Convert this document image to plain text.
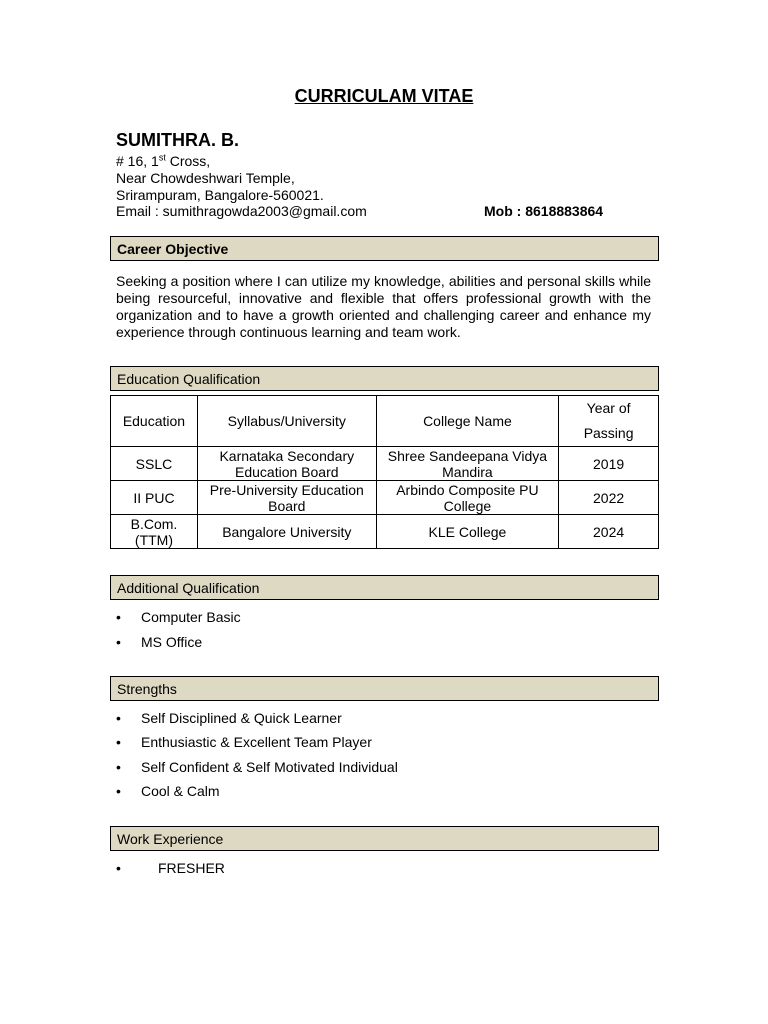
CURRICULAM VITAE
SUMITHRA. B.
# 16, 1st Cross,
Near Chowdeshwari Temple,
Srirampuram, Bangalore-560021.
Email : sumithragowda2003@gmail.com	Mob : 8618883864
Career Objective
Seeking a position where I can utilize my knowledge, abilities and personal skills while being resourceful, innovative and flexible that offers professional growth with the organization and to have a growth oriented and challenging career and enhance my experience through continuous learning and team work.
Education Qualification
Education	Syllabus/University	College Name	Year of Passing
SSLC	Karnataka Secondary Education Board	Shree Sandeepana Vidya Mandira	2019
II PUC	Pre-University Education Board	Arbindo Composite PU College	2022
B.Com. (TTM)	Bangalore University	KLE College	2024
Additional Qualification
• Computer Basic
• MS Office
Strengths
• Self Disciplined & Quick Learner
• Enthusiastic & Excellent Team Player
• Self Confident & Self Motivated Individual
• Cool & Calm
Work Experience
•	FRESHER
